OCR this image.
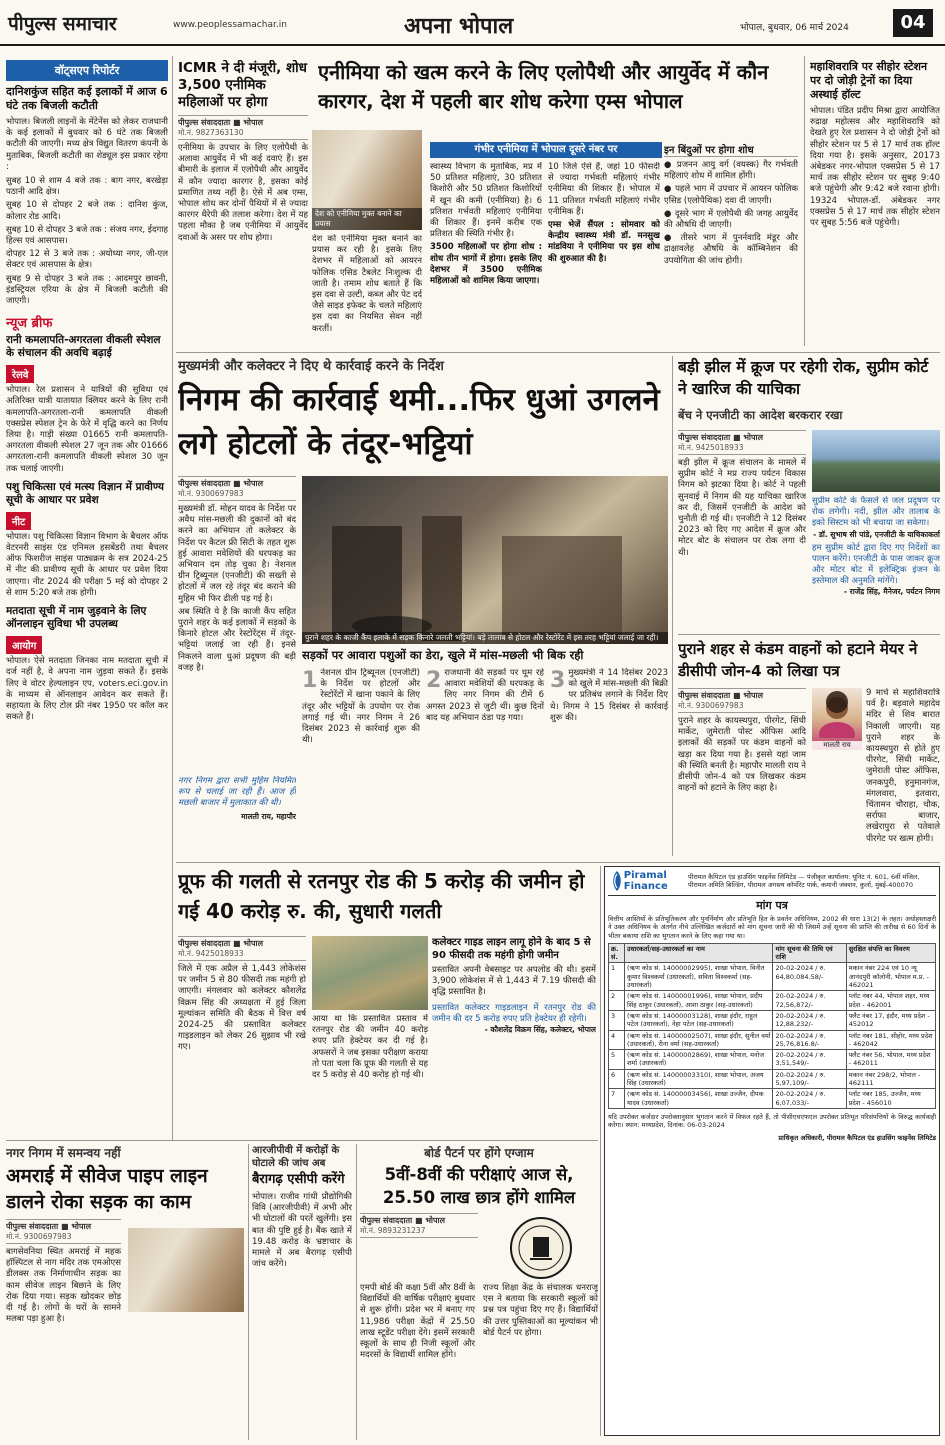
पीपुल्स समाचार	www.peoplessamachar.in	अपना भोपाल	भोपाल, बुधवार, 06 मार्च 2024	04
वॉट्सएप रिपोर्टर
दानिशकुंज सहित कई इलाकों में आज 6 घंटे तक बिजली कटौती
भोपाल। बिजली लाइनों के मेंटेनेंस को लेकर राजधानी के कई इलाकों में बुधवार को 6 घंटे तक बिजली कटौती की जाएगी। मध्य क्षेत्र विद्युत वितरण कंपनी के मुताबिक, बिजली कटौती का शेड्यूल इस प्रकार रहेगा :

सुबह 10 से शाम 4 बजे तक : बाग नगर, बरखेड़ा पठानी आदि क्षेत्र।

सुबह 10 से दोपहर 2 बजे तक : दानिश कुंज, कोलार रोड आदि।

सुबह 10 से दोपहर 3 बजे तक : संजय नगर, ईदगाह हिल्स एवं आसपास।

दोपहर 12 से 3 बजे तक : अयोध्या नगर, जी-एल सेक्टर एवं आसपास के क्षेत्र।

सुबह 9 से दोपहर 3 बजे तक : आदमपुर छावनी, इंडस्ट्रियल एरिया के क्षेत्र में बिजली कटौती की जाएगी।

न्यूज ब्रीफ
रानी कमलापति-अगरतला वीकली स्पेशल के संचालन की अवधि बढ़ाई
रेलवे
भोपाल। रेल प्रशासन ने यात्रियों की सुविधा एवं अतिरिक्त यात्री यातायात क्लियर करने के लिए रानी कमलापति-अगरतला-रानी कमलापति वीकली एक्सप्रेस स्पेशल ट्रेन के फेरे में वृद्धि करने का निर्णय लिया है। गाड़ी संख्या 01665 रानी कमलापति-अगरतला वीकली स्पेशल 27 जून तक और 01666 अगरतला-रानी कमलापति वीकली स्पेशल 30 जून तक चलाई जाएगी।
पशु चिकित्सा एवं मत्स्य विज्ञान में प्रावीण्य सूची के आधार पर प्रवेश
नीट
भोपाल। पशु चिकित्सा विज्ञान विभाग के बैचलर ऑफ वेटरनरी साइंस एंड एनिमल हसबेंडरी तथा बैचलर ऑफ फिशरीज साइंस पाठ्यक्रम के सत्र 2024-25 में नीट की प्रावीण्य सूची के आधार पर प्रवेश दिया जाएगा। नीट 2024 की परीक्षा 5 मई को दोपहर 2 से शाम 5:20 बजे तक होगी।
मतदाता सूची में नाम जुड़वाने के लिए ऑनलाइन सुविधा भी उपलब्ध
आयोग
भोपाल। ऐसे मतदाता जिनका नाम मतदाता सूची में दर्ज नहीं है, वे अपना नाम जुड़वा सकते हैं। इसके लिए वे वोटर हेल्पलाइन एप, voters.eci.gov.in के माध्यम से ऑनलाइन आवेदन कर सकते हैं। सहायता के लिए टोल फ्री नंबर 1950 पर कॉल कर सकते हैं।
ICMR ने दी मंजूरी, शोध 3,500 एनीमिक महिलाओं पर होगा
पीपुल्स संवाददाता ■ भोपाल
मो.नं. 9827363130
एनीमिया के उपचार के लिए एलोपैथी के अलावा आयुर्वेद में भी कई दवाएं हैं। इस बीमारी के इलाज में एलोपैथी और आयुर्वेद में कौन ज्यादा कारगर है, इसका कोई प्रमाणित तथ्य नहीं है। ऐसे में अब एम्स, भोपाल शोध कर दोनों पैथियों में से ज्यादा कारगर थैरेपी की तलाश करेगा। देश में यह पहला मौका है जब एनीमिया में आयुर्वेद दवाओं के असर पर शोध होगा।
देश को एनीमिया मुक्त बनाने का प्रयास
देश को एनीमिया मुक्त बनाने का प्रयास कर रही है। इसके लिए देशभर में महिलाओं को आयरन फोलिक एसिड टैबलेट निःशुल्क दी जाती है। तमाम शोध बताते हैं कि इस दवा से उल्टी, कब्ज और पेट दर्द जैसे साइड इफेक्ट के चलते महिलाएं इस दवा का नियमित सेवन नहीं करतीं।
एनीमिया को खत्म करने के लिए एलोपैथी और आयुर्वेद में कौन कारगर, देश में पहली बार शोध करेगा एम्स भोपाल
गंभीर एनीमिया में भोपाल दूसरे नंबर पर

स्वास्थ्य विभाग के मुताबिक, मप्र में 50 प्रतिशत महिलाएं, 30 प्रतिशत किशोरी और 50 प्रतिशत किशोरियों में खून की कमी (एनीमिया) है। 6 प्रतिशत गर्भवती महिलाएं एनीमिया की शिकार हैं। इनमें करीब एक प्रतिशत की स्थिति गंभीर है।

3500 महिलाओं पर होगा शोध : शोध तीन भागों में होगा। इसके लिए देशभर में 3500 एनीमिक महिलाओं को शामिल किया जाएगा।

10 जिले ऐसे हैं, जहां 10 फीसदी से ज्यादा गर्भवती महिलाएं गंभीर एनीमिया की शिकार हैं। भोपाल में 11 प्रतिशत गर्भवती महिलाएं गंभीर एनीमिक हैं।

एम्स भेजें सैंपल : सोमवार को केन्द्रीय स्वास्थ्य मंत्री डॉ. मनसुख मांडविया ने एनीमिया पर इस शोध की शुरुआत की है।

इन बिंदुओं पर होगा शोध

● प्रजनन आयु वर्ग (वयस्क) गैर गर्भवती महिलाएं शोध में शामिल होंगी।

● पहले भाग में उपचार में आयरन फोलिक एसिड (एलोपैथिक) दवा दी जाएगी।

● दूसरे भाग में एलोपैथी की जगह आयुर्वेद की औषधि दी जाएगी।

● तीसरे भाग में पुनर्नवादि मंडूर और द्राक्षावलेह औषधि के कॉम्बिनेशन की उपयोगिता की जांच होगी।

महाशिवरात्रि पर सीहोर स्टेशन पर दो जोड़ी ट्रेनों का दिया अस्थाई हॉल्ट
भोपाल। पंडित प्रदीप मिश्रा द्वारा आयोजित रुद्राक्ष महोत्सव और महाशिवरात्रि को देखते हुए रेल प्रशासन ने दो जोड़ी ट्रेनों को सीहोर स्टेशन पर 5 से 17 मार्च तक हॉल्ट दिया गया है। इसके अनुसार, 20173 अंबेडकर नगर-भोपाल एक्सप्रेस 5 से 17 मार्च तक सीहोर स्टेशन पर सुबह 9:40 बजे पहुंचेगी और 9:42 बजे रवाना होगी। 19324 भोपाल-डॉ. अंबेडकर नगर एक्सप्रेस 5 से 17 मार्च तक सीहोर स्टेशन पर सुबह 5:56 बजे पहुंचेगी।
मुख्यमंत्री और कलेक्टर ने दिए थे कार्रवाई करने के निर्देश
निगम की कार्रवाई थमी...फिर धुआं उगलने लगे होटलों के तंदूर-भट्टियां
पीपुल्स संवाददाता ■ भोपाल
मो.नं. 9300697983

मुख्यमंत्री डॉ. मोहन यादव के निर्देश पर अवैध मांस-मछली की दुकानों को बंद करने का अभियान तो कलेक्टर के निर्देश पर कैटल फ्री सिटी के तहत शुरू हुई आवारा मवेशियों की धरपकड़ का अभियान दम तोड़ चुका है। नेशनल ग्रीन ट्रिब्यूनल (एनजीटी) की सख्ती से होटलों में जल रहे तंदूर बंद कराने की मुहिम भी फिर ढीली पड़ गई है।

अब स्थिति ये है कि काजी कैंप सहित पुराने शहर के कई इलाकों में सड़कों के किनारे होटल और रेस्टोरेंट्स में तंदूर-भट्टियां जलाई जा रही हैं। इनसे निकलने वाला धुआं प्रदूषण की बड़ी वजह है।

नगर निगम द्वारा सभी मुहिम नियमित रूप से चलाई जा रही हैं। आज ही मछली बाजार में मुलाकात की थी।
मालती राय, महापौर
पुराने शहर के काजी कैंप इलाके में सड़क किनारे जलती भट्टियां। बड़े तालाब से होटल और रेस्टोरेंट में इस तरह भट्टियां जलाई जा रही।
सड़कों पर आवारा पशुओं का डेरा, खुले में मांस-मछली भी बिक रही
1 नेशनल ग्रीन ट्रिब्यूनल (एनजीटी) के निर्देश पर होटलों और रेस्टोरेंटों में खाना पकाने के लिए तंदूर और भट्टियों के उपयोग पर रोक लगाई गई थी। नगर निगम ने 26 दिसंबर 2023 से कार्रवाई शुरू की थी।
2 राजधानी की सड़कों पर घूम रहे आवारा मवेशियों की धरपकड़ के लिए नगर निगम की टीमें 6 अगस्त 2023 से जुटी थीं। कुछ दिनों बाद यह अभियान ठंडा पड़ गया।
3 मुख्यमंत्री ने 14 दिसंबर 2023 को खुले में मांस-मछली की बिक्री पर प्रतिबंध लगाने के निर्देश दिए थे। निगम ने 15 दिसंबर से कार्रवाई शुरू की।
बड़ी झील में क्रूज पर रहेगी रोक, सुप्रीम कोर्ट ने खारिज की याचिका
बेंच ने एनजीटी का आदेश बरकरार रखा
पीपुल्स संवाददाता ■ भोपाल
मो.नं. 9425018933
बड़ी झील में क्रूज संचालन के मामले में सुप्रीम कोर्ट ने मप्र राज्य पर्यटन विकास निगम को झटका दिया है। कोर्ट ने पहली सुनवाई में निगम की यह याचिका खारिज कर दी, जिसमें एनजीटी के आदेश को चुनौती दी गई थी। एनजीटी ने 12 दिसंबर 2023 को दिए गए आदेश में क्रूज और मोटर बोट के संचालन पर रोक लगा दी थी।
सुप्रीम कोर्ट के फैसले से जल प्रदूषण पर रोक लगेगी। नदी, झील और तालाब के इको सिस्टम को भी बचाया जा सकेगा।
- डॉ. सुभाष सी पांडे, एनजीटी के याचिकाकर्ता
हम सुप्रीम कोर्ट द्वारा दिए गए निर्देशों का पालन करेंगे। एनजीटी के पास जाकर क्रूज और मोटर बोट में इलेक्ट्रिक इंजन के इस्तेमाल की अनुमति मांगेंगे।
- राजेंद्र सिंह, मैनेजर, पर्यटन निगम
पुराने शहर से कंडम वाहनों को हटाने मेयर ने डीसीपी जोन-4 को लिखा पत्र
पीपुल्स संवाददाता ■ भोपाल
मो.नं. 9300697983
पुराने शहर के कायस्थपुरा, पीरगेट, सिंधी मार्केट, जुमेराती पोस्ट ऑफिस आदि इलाकों की सड़कों पर कंडम वाहनों को खड़ा कर दिया गया है। इससे यहां जाम की स्थिति बनती है। महापौर मालती राय ने डीसीपी जोन-4 को पत्र लिखकर कंडम वाहनों को हटाने के लिए कहा है।
मालती राय
9 मार्च से महाशिवरात्रि पर्व है। बड़वाले महादेव मंदिर से शिव बारात निकाली जाएगी। यह पुराने शहर के कायस्थपुरा से होते हुए पीरगेट, सिंधी मार्केट, जुमेराती पोस्ट ऑफिस, जनकपुरी, हनुमानगंज, मंगलवारा, इतवारा, चिंतामन चौराहा, चौक, सर्राफा बाजार, लखेरापुरा से पतेवाले पीरगेट पर खत्म होगी।
प्रूफ की गलती से रतनपुर रोड की 5 करोड़ की जमीन हो गई 40 करोड़ रु. की, सुधारी गलती
पीपुल्स संवाददाता ■ भोपाल
मो.नं. 9425018933
जिले में एक अप्रैल से 1,443 लोकेशंस पर जमीन 5 से 80 फीसदी तक महंगी हो जाएगी। मंगलवार को कलेक्टर कौशलेंद्र विक्रम सिंह की अध्यक्षता में हुई जिला मूल्यांकन समिति की बैठक में वित्त वर्ष 2024-25 की प्रस्तावित कलेक्टर गाइडलाइन को लेकर 26 सुझाव भी रखे गए।
आया था कि प्रस्तावित प्रस्ताव में रतनपुर रोड की जमीन 40 करोड़ रुपए प्रति हेक्टेयर कर दी गई है। अफसरों ने जब इसका परीक्षण कराया तो पता चला कि प्रूफ की गलती से यह दर 5 करोड़ से 40 करोड़ हो गई थी।
कलेक्टर गाइड लाइन लागू होने के बाद 5 से 90 फीसदी तक महंगी होगी जमीन
प्रस्तावित अपनी वेबसाइट पर अपलोड की थी। इसमें 3,900 लोकेशंस में से 1,443 में 7.19 फीसदी की वृद्धि प्रस्तावित है।
प्रस्तावित कलेक्टर गाइडलाइन में रतनपुर रोड की जमीन की दर 5 करोड़ रुपए प्रति हेक्टेयर ही रहेगी।
- कौशलेंद्र विक्रम सिंह, कलेक्टर, भोपाल
Piramal Finance
पीरामल कैपिटल एंड हाउसिंग फाइनेंस लिमिटेड — पंजीकृत कार्यालय: यूनिट नं. 601, 6वीं मंजिल, पीरामल अमिति बिल्डिंग, पीरामल अगस्त्य कॉर्पोरेट पार्क, कमानी जंक्शन, कुर्ला, मुंबई-400070
मांग पत्र
वित्तीय आस्तियों के प्रतिभूतिकरण और पुनर्निर्माण और प्रतिभूति हित के प्रवर्तन अधिनियम, 2002 की धारा 13(2) के तहत। अधोहस्ताक्षरी ने उक्त अधिनियम के अंतर्गत नीचे उल्लिखित कर्जदारों को मांग सूचना जारी की थी जिसमें उन्हें सूचना की प्राप्ति की तारीख से 60 दिनों के भीतर बकाया राशि का भुगतान करने के लिए कहा गया था।
क्र. सं.	उधारकर्ता/सह-उधारकर्ता का नाम	मांग सूचना की तिथि एवं राशि	सुरक्षित संपत्ति का विवरण
1	(ऋण कोड सं. 14000002995), शाखा भोपाल, विनीत कुमार विश्वकर्मा (उधारकर्ता), सविता विश्वकर्मा (सह-उधारकर्ता)	20-02-2024 / रु. 64,80,084.58/-	मकान नंबर 224 एवं 10 न्यू आनंदपुरी कॉलोनी, भोपाल म.प्र. - 462021
2	(ऋण कोड सं. 14000001996), शाखा भोपाल, प्रदीप सिंह ठाकुर (उधारकर्ता), आशा ठाकुर (सह-उधारकर्ता)	20-02-2024 / रु. 72,56,872/-	प्लॉट नंबर 44, भोपाल शहर, मध्य प्रदेश - 462001
3	(ऋण कोड सं. 14000003128), शाखा इंदौर, राहुल पटेल (उधारकर्ता), नेहा पटेल (सह-उधारकर्ता)	20-02-2024 / रु. 12,88,232/-	फ्लैट नंबर 17, इंदौर, मध्य प्रदेश - 452012
4	(ऋण कोड सं. 14000002507), शाखा इंदौर, सुनील वर्मा (उधारकर्ता), रीना वर्मा (सह-उधारकर्ता)	20-02-2024 / रु. 25,76,816.8/-	प्लॉट नंबर 181, सीहोर, मध्य प्रदेश - 462042
5	(ऋण कोड सं. 14000002869), शाखा भोपाल, मनोज शर्मा (उधारकर्ता)	20-02-2024 / रु. 3,51,549/-	फ्लैट नंबर 56, भोपाल, मध्य प्रदेश - 462011
6	(ऋण कोड सं. 14000003310), शाखा भोपाल, अजय सिंह (उधारकर्ता)	20-02-2024 / रु. 5,97,109/-	मकान नंबर 298/2, भोपाल - 462111
7	(ऋण कोड सं. 14000003456), शाखा उज्जैन, दीपक यादव (उधारकर्ता)	20-02-2024 / रु. 6,07,033/-	प्लॉट नंबर 185, उज्जैन, मध्य प्रदेश - 456010
यदि उपरोक्त कर्जदार उपरोक्तानुसार भुगतान करने में विफल रहते हैं, तो पीसीएचएफएल उपरोक्त प्रतिभूत परिसंपत्तियों के विरुद्ध कार्यवाही करेगा। स्थान: मध्यप्रदेश, दिनांक: 06-03-2024
प्राधिकृत अधिकारी, पीरामल कैपिटल एंड हाउसिंग फाइनेंस लिमिटेड
नगर निगम में समन्वय नहीं
अमराई में सीवेज पाइप लाइन डालने रोका सड़क का काम
पीपुल्स संवाददाता ■ भोपाल
मो.नं. 9300697983
बागसेवनिया स्थित अमराई में महक हॉस्पिटल से नाग मंदिर तक एमओएस डीलक्स तक निर्माणाधीन सड़क का काम सीवेज लाइन बिछाने के लिए रोक दिया गया। सड़क खोदकर छोड़ दी गई है। लोगों के घरों के सामने मलबा पड़ा हुआ है।
आरजीपीवी में करोड़ों के घोटाले की जांच अब
बैरागढ़ एसीपी करेंगे
भोपाल। राजीव गांधी प्रौद्योगिकी विवि (आरजीपीवी) में अभी और भी घोटालों की परतें खुलेंगी। इस बात की पुष्टि हुई है। बैंक खाते में 19.48 करोड़ के भ्रष्टाचार के मामले में अब बैरागढ़ एसीपी जांच करेंगे।
बोर्ड पैटर्न पर होंगे एग्जाम
5वीं-8वीं की परीक्षाएं आज से, 25.50 लाख छात्र होंगे शामिल
पीपुल्स संवाददाता ■ भोपाल
मो.नं. 9893231237
एमपी बोर्ड की कक्षा 5वीं और 8वीं के विद्यार्थियों की वार्षिक परीक्षाएं बुधवार से शुरू होंगी। प्रदेश भर में बनाए गए 11,986 परीक्षा केंद्रों में 25.50 लाख स्टूडेंट परीक्षा देंगे। इसमें सरकारी स्कूलों के साथ ही निजी स्कूलों और मदरसों के विद्यार्थी शामिल होंगे।
राज्य शिक्षा केंद्र के संचालक धनराजू एस ने बताया कि सरकारी स्कूलों को प्रश्न पत्र पहुंचा दिए गए हैं। विद्यार्थियों की उत्तर पुस्तिकाओं का मूल्यांकन भी बोर्ड पैटर्न पर होगा।
